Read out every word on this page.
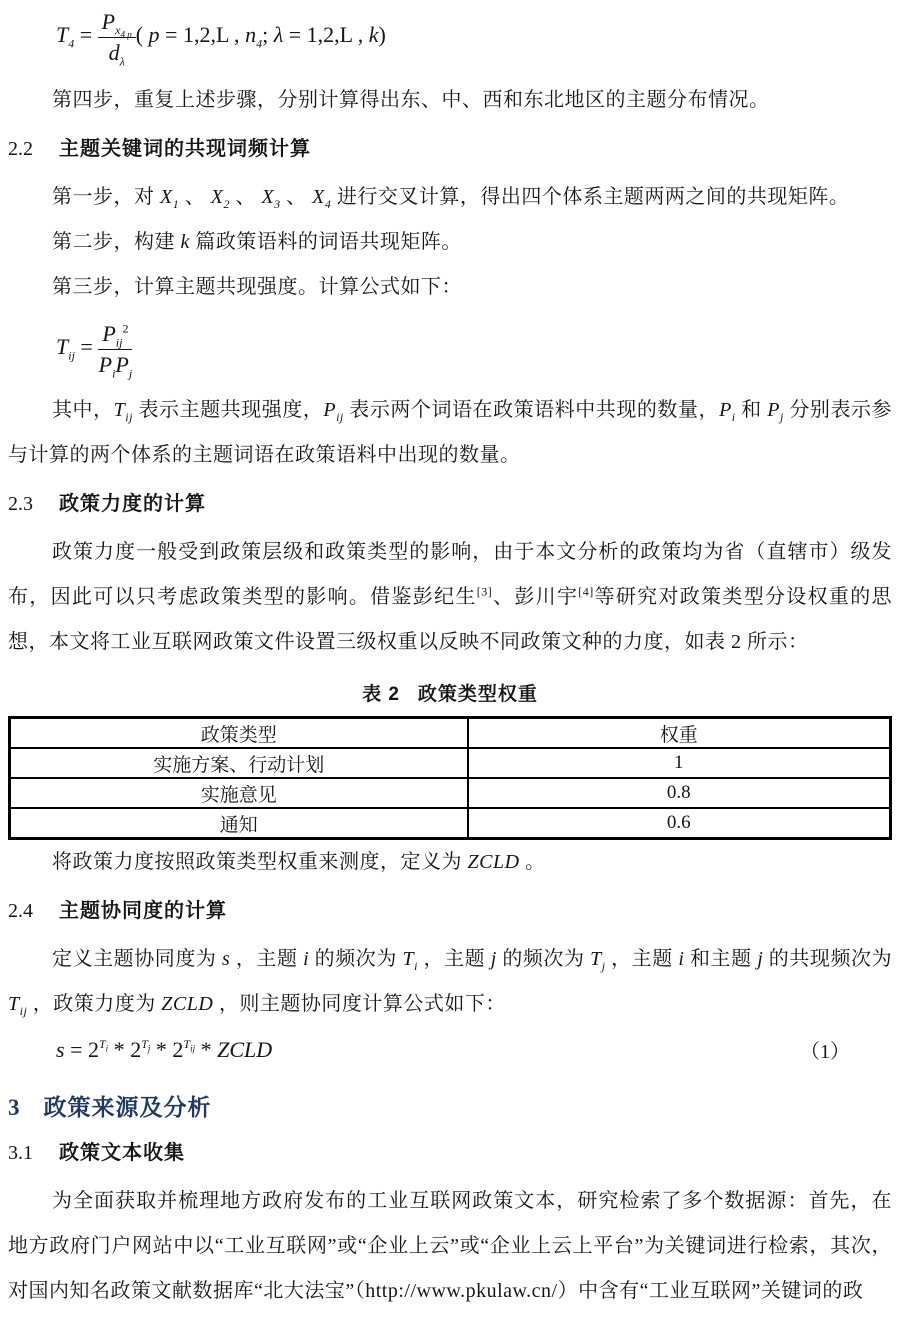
$T_4 = \frac{P_{x_{4 p}}}{d_\lambda}$ ( p = 1,2,L , $n_4$; λ = 1,2,L , k)

第四步，重复上述步骤，分别计算得出东、中、西和东北地区的主题分布情况。

2.2 主题关键词的共现词频计算

第一步，对 $X_1$ 、 $X_2$ 、 $X_3$ 、 $X_4$ 进行交叉计算，得出四个体系主题两两之间的共现矩阵。

第二步，构建 k 篇政策语料的词语共现矩阵。

第三步，计算主题共现强度。计算公式如下：

$T_{ij} = \frac{P_{ij}^2}{P_iP_j}$

其中，$T_{ij}$ 表示主题共现强度，$P_{ij}$ 表示两个词语在政策语料中共现的数量，$P_i$ 和 $P_j$ 分别表示参与计算的两个体系的主题词语在政策语料中出现的数量。

2.3 政策力度的计算

政策力度一般受到政策层级和政策类型的影响，由于本文分析的政策均为省（直辖市）级发布，因此可以只考虑政策类型的影响。借鉴彭纪生[3]、彭川宇[4]等研究对政策类型分设权重的思想，本文将工业互联网政策文件设置三级权重以反映不同政策文种的力度，如表 2 所示：

表 2 政策类型权重
政策类型	权重
实施方案、行动计划	1
实施意见	0.8
通知	0.6

将政策力度按照政策类型权重来测度，定义为 ZCLD 。

2.4 主题协同度的计算

定义主题协同度为 s ，主题 i 的频次为 $T_i$ ，主题 j 的频次为 $T_j$ ，主题 i 和主题 j 的共现频次为 $T_{ij}$ ，政策力度为 ZCLD ，则主题协同度计算公式如下：

$s = 2^{T_i} * 2^{T_j} * 2^{T_{ij}}$ * ZCLD	（1）
3 政策来源及分析
3.1 政策文本收集

为全面获取并梳理地方政府发布的工业互联网政策文本，研究检索了多个数据源：首先，在地方政府门户网站中以“工业互联网”或“企业上云”或“企业上云上平台”为关键词进行检索，其次，对国内知名政策文献数据库“北大法宝”（http://www.pkulaw.cn/）中含有“工业互联网”关键词的政
